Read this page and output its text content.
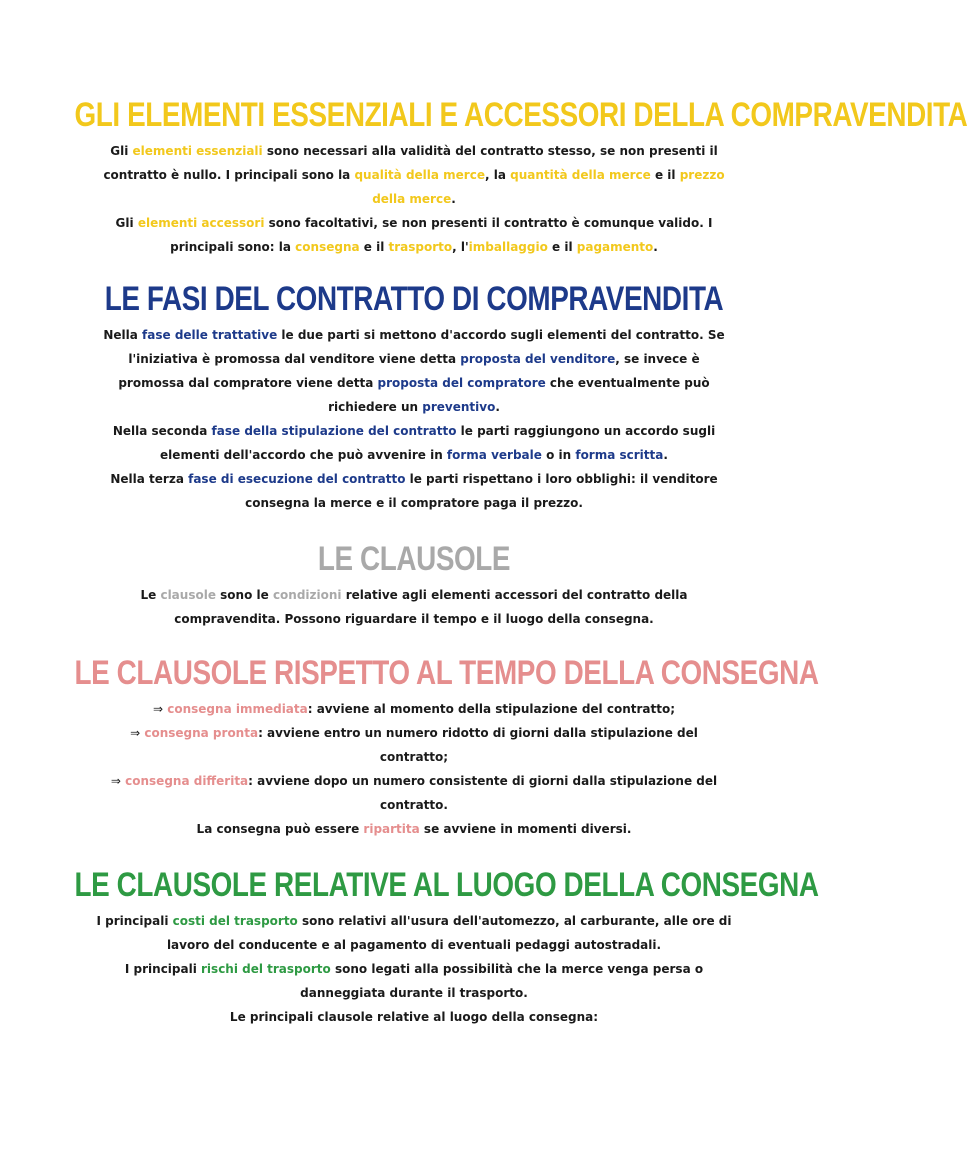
GLI ELEMENTI ESSENZIALI E ACCESSORI DELLA COMPRAVENDITA

Gli elementi essenziali sono necessari alla validità del contratto stesso, se non presenti il contratto è nullo. I principali sono la qualità della merce, la quantità della merce e il prezzo della merce.

Gli elementi accessori sono facoltativi, se non presenti il contratto è comunque valido. I principali sono: la consegna e il trasporto, l'imballaggio e il pagamento.

LE FASI DEL CONTRATTO DI COMPRAVENDITA

Nella fase delle trattative le due parti si mettono d'accordo sugli elementi del contratto. Se l'iniziativa è promossa dal venditore viene detta proposta del venditore, se invece è promossa dal compratore viene detta proposta del compratore che eventualmente può richiedere un preventivo.

Nella seconda fase della stipulazione del contratto le parti raggiungono un accordo sugli elementi dell'accordo che può avvenire in forma verbale o in forma scritta.

Nella terza fase di esecuzione del contratto le parti rispettano i loro obblighi: il venditore consegna la merce e il compratore paga il prezzo.

LE CLAUSOLE

Le clausole sono le condizioni relative agli elementi accessori del contratto della compravendita. Possono riguardare il tempo e il luogo della consegna.

LE CLAUSOLE RISPETTO AL TEMPO DELLA CONSEGNA

⇒ consegna immediata: avviene al momento della stipulazione del contratto;

⇒ consegna pronta: avviene entro un numero ridotto di giorni dalla stipulazione del contratto;

⇒ consegna differita: avviene dopo un numero consistente di giorni dalla stipulazione del contratto.

La consegna può essere ripartita se avviene in momenti diversi.

LE CLAUSOLE RELATIVE AL LUOGO DELLA CONSEGNA

I principali costi del trasporto sono relativi all'usura dell'automezzo, al carburante, alle ore di lavoro del conducente e al pagamento di eventuali pedaggi autostradali.

I principali rischi del trasporto sono legati alla possibilità che la merce venga persa o danneggiata durante il trasporto.

Le principali clausole relative al luogo della consegna:
